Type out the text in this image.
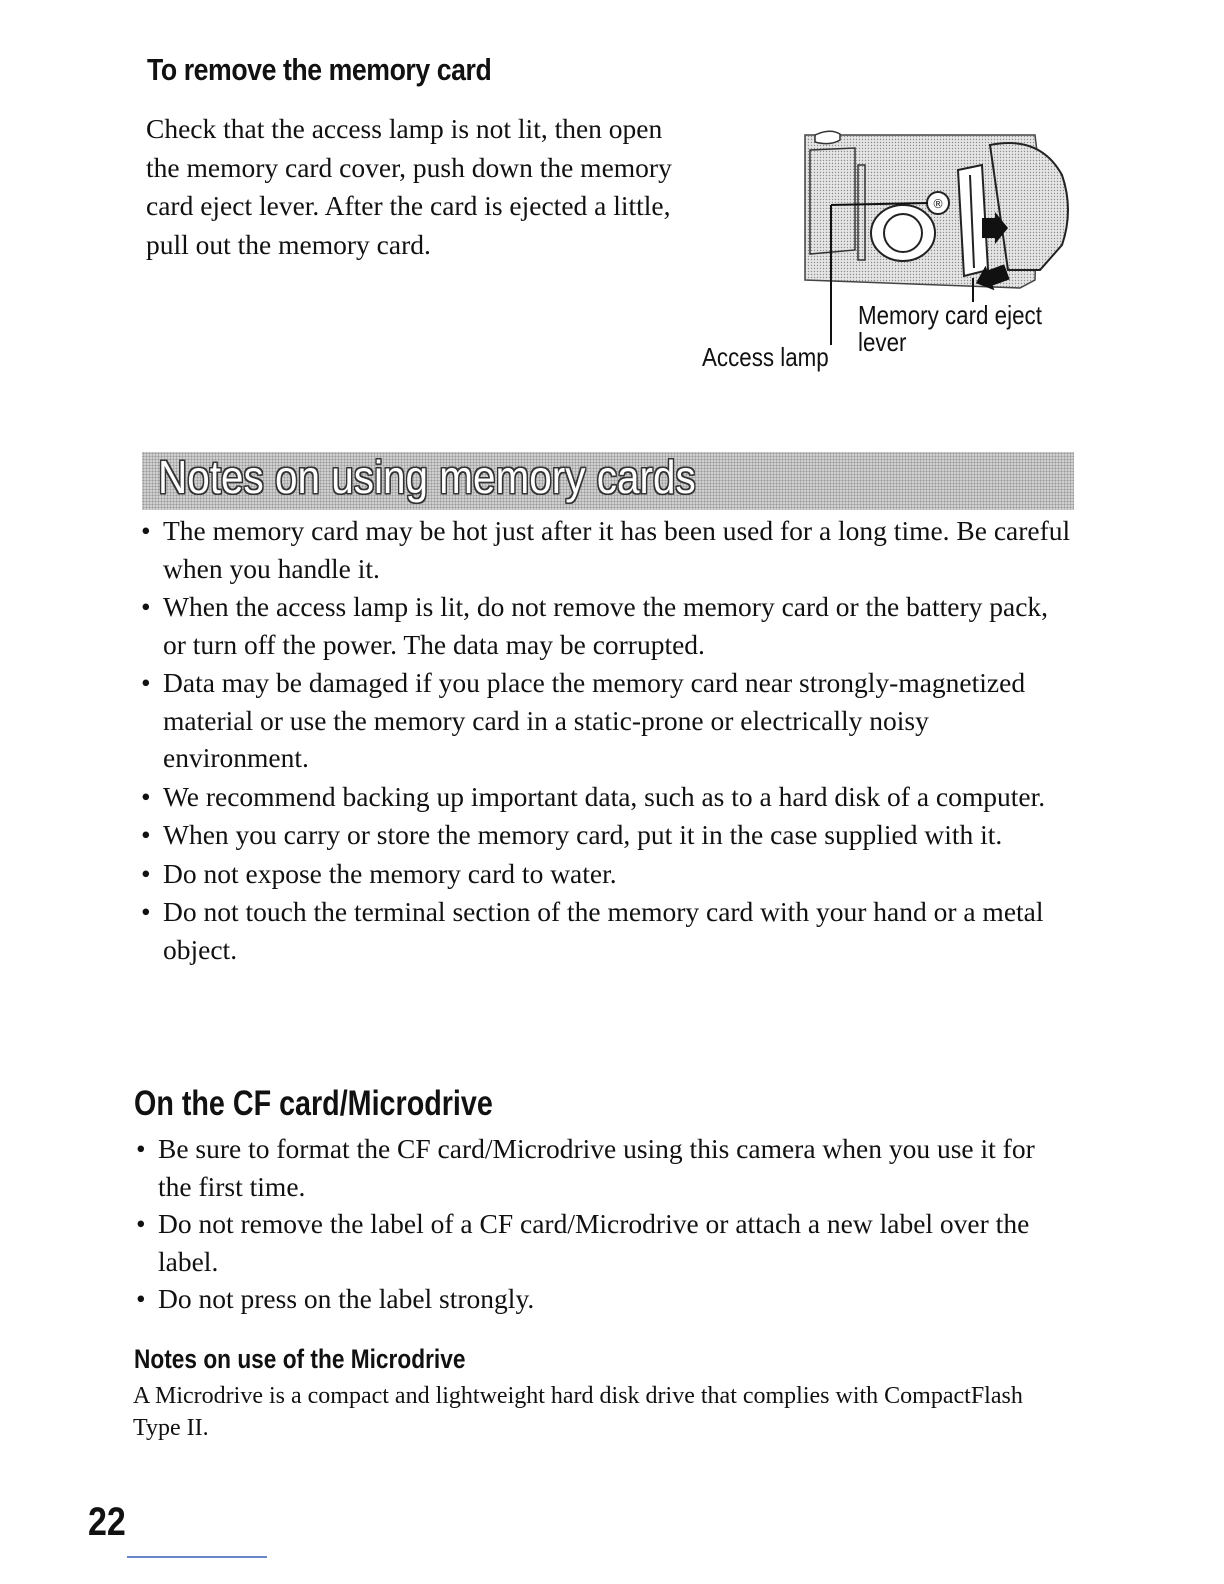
To remove the memory card
Check that the access lamp is not lit, then open the memory card cover, push down the memory card eject lever. After the card is ejected a little, pull out the memory card.
®
Memory card eject
lever
Access lamp
Notes on using memory cards
• The memory card may be hot just after it has been used for a long time. Be careful when you handle it.
• When the access lamp is lit, do not remove the memory card or the battery pack, or turn off the power. The data may be corrupted.
• Data may be damaged if you place the memory card near strongly-magnetized material or use the memory card in a static-prone or electrically noisy environment.
• We recommend backing up important data, such as to a hard disk of a computer.
• When you carry or store the memory card, put it in the case supplied with it.
• Do not expose the memory card to water.
• Do not touch the terminal section of the memory card with your hand or a metal object.
On the CF card/Microdrive
• Be sure to format the CF card/Microdrive using this camera when you use it for the first time.
• Do not remove the label of a CF card/Microdrive or attach a new label over the label.
• Do not press on the label strongly.
Notes on use of the Microdrive
A Microdrive is a compact and lightweight hard disk drive that complies with CompactFlash Type II.
22
